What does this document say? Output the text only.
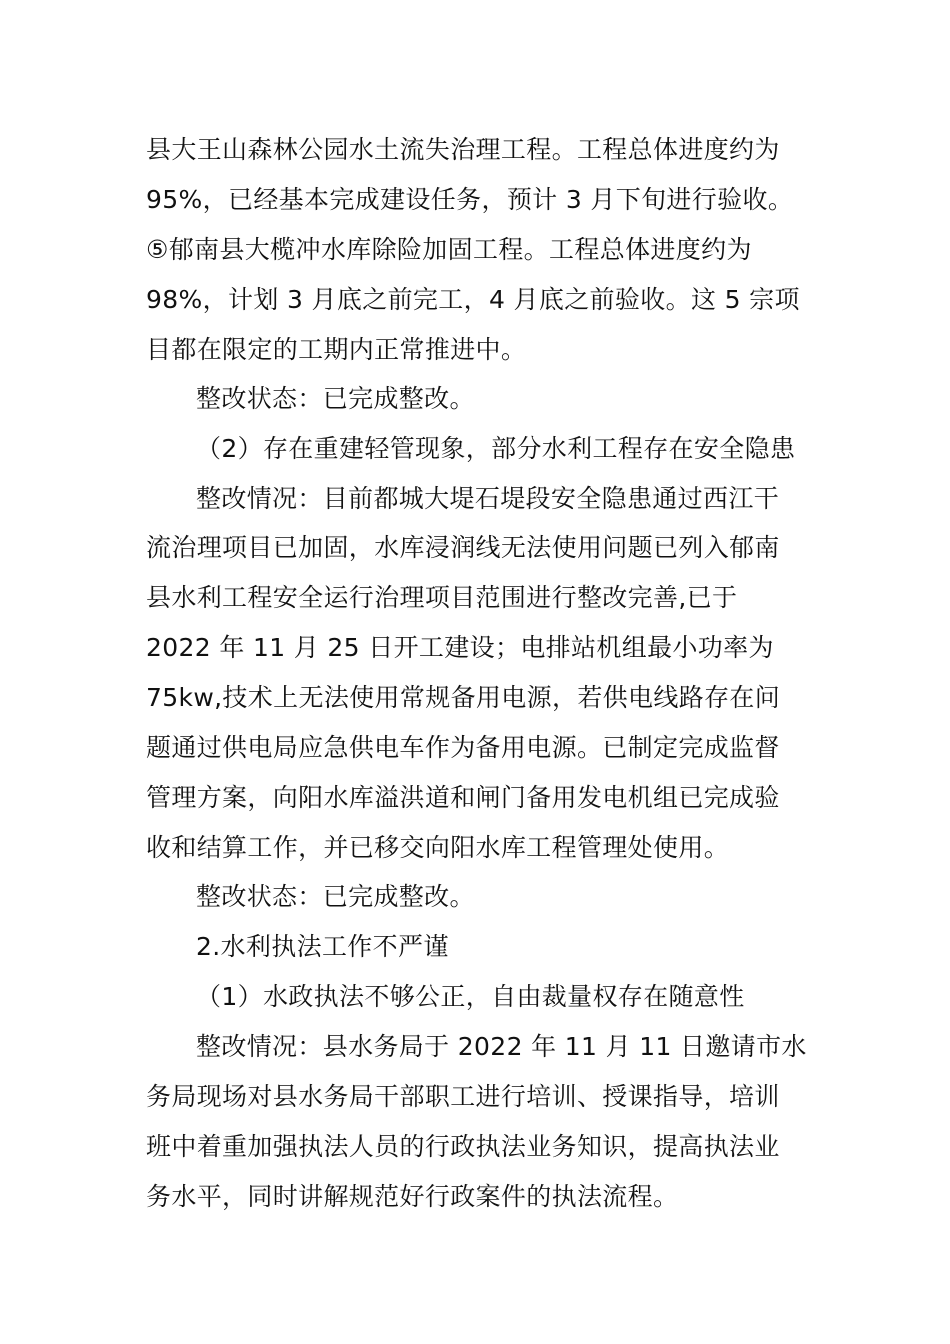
县大王山森林公园水土流失治理工程。工程总体进度约为
95%，已经基本完成建设任务，预计 3 月下旬进行验收。
⑤郁南县大榄冲水库除险加固工程。工程总体进度约为
98%，计划 3 月底之前完工，4 月底之前验收。这 5 宗项
目都在限定的工期内正常推进中。
整改状态：已完成整改。
（2）存在重建轻管现象，部分水利工程存在安全隐患
整改情况：目前都城大堤石堤段安全隐患通过西江干
流治理项目已加固，水库浸润线无法使用问题已列入郁南
县水利工程安全运行治理项目范围进行整改完善,已于
2022 年 11 月 25 日开工建设；电排站机组最小功率为
75kw,技术上无法使用常规备用电源，若供电线路存在问
题通过供电局应急供电车作为备用电源。已制定完成监督
管理方案，向阳水库溢洪道和闸门备用发电机组已完成验
收和结算工作，并已移交向阳水库工程管理处使用。
整改状态：已完成整改。
2.水利执法工作不严谨
（1）水政执法不够公正，自由裁量权存在随意性
整改情况：县水务局于 2022 年 11 月 11 日邀请市水
务局现场对县水务局干部职工进行培训、授课指导，培训
班中着重加强执法人员的行政执法业务知识，提高执法业
务水平，同时讲解规范好行政案件的执法流程。
